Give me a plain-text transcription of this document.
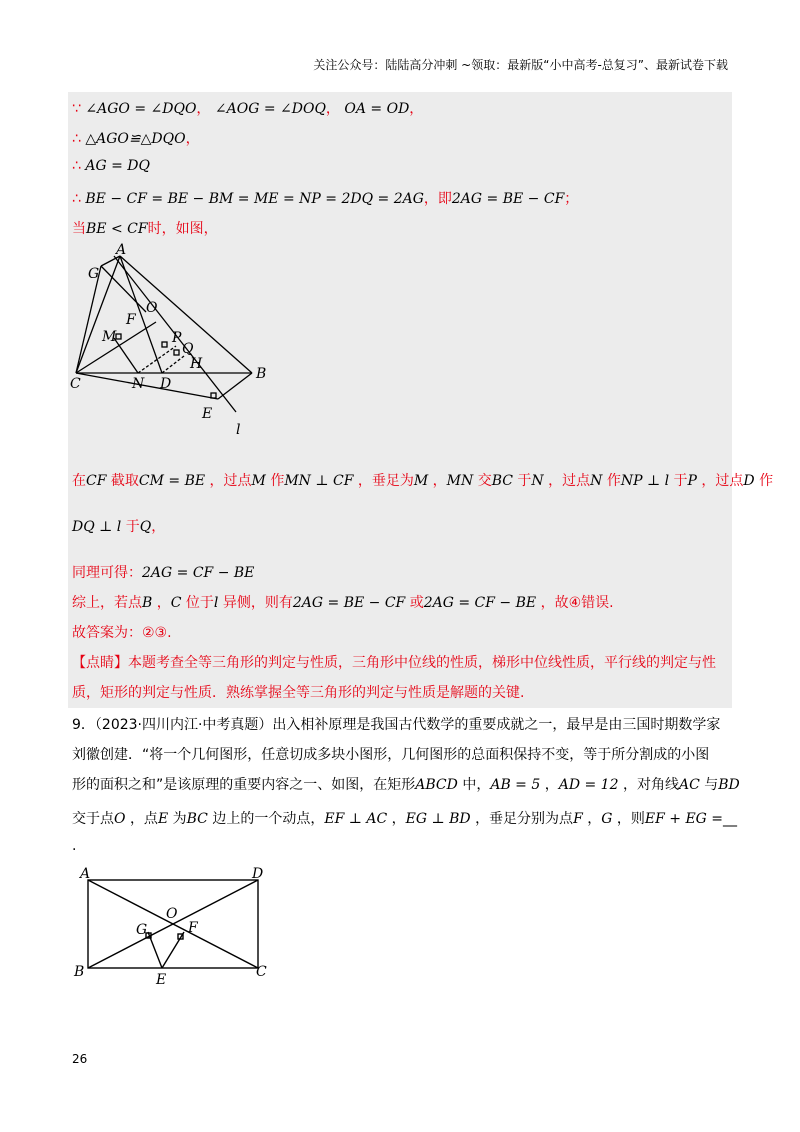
关注公众号：陆陆高分冲刺 ~领取：最新版“小中高考-总复习”、最新试卷下载
∵ ∠AGO = ∠DQO， ∠AOG = ∠DOQ， OA = OD，
∴ △AGO≌△DQO，
∴ AG = DQ
∴ BE − CF = BE − BM = ME = NP = 2DQ = 2AG，即2AG = BE − CF；
当BE < CF时，如图，
A
G
O
F
M	P
Q
H
C	N D
B
E
l
在CF 截取CM = BE ，过点M 作MN ⊥ CF ，垂足为M ，MN 交BC 于N ，过点N 作NP ⊥ l 于P ，过点D 作
DQ ⊥ l 于Q，
同理可得：2AG = CF − BE
综上，若点B ，C 位于l 异侧，则有2AG = BE − CF 或2AG = CF − BE ，故④错误.
故答案为：②③.
【点睛】本题考查全等三角形的判定与性质，三角形中位线的性质，梯形中位线性质，平行线的判定与性
质，矩形的判定与性质．熟练掌握全等三角形的判定与性质是解题的关键.
9．（2023·四川内江·中考真题）出入相补原理是我国古代数学的重要成就之一，最早是由三国时期数学家
刘徽创建．“将一个几何图形，任意切成多块小图形，几何图形的总面积保持不变，等于所分割成的小图
形的面积之和”是该原理的重要内容之一、如图，在矩形ABCD 中，AB = 5 ，AD = 12 ，对角线AC 与BD
交于点O ，点E 为BC 边上的一个动点，EF ⊥ AC ，EG ⊥ BD ，垂足分别为点F ，G ，则EF + EG =__
.
A	D
O
G	F
B	E	C
26
